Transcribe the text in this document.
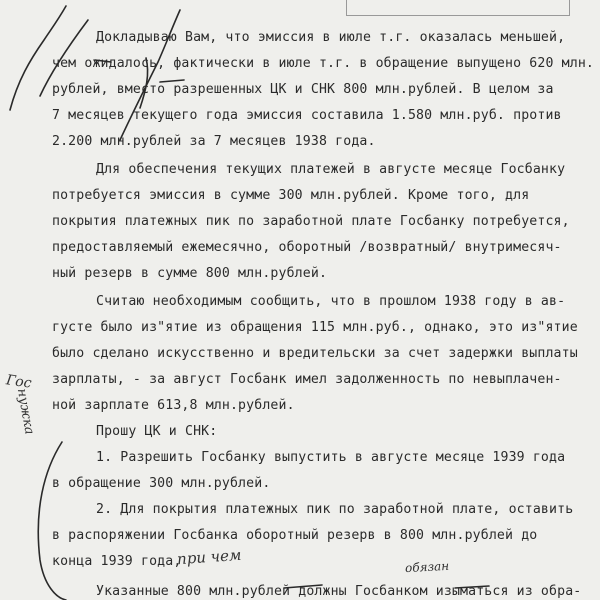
Докладываю Вам, что эмиссия в июле т.г. оказалась меньшей,
чем ожидалось, фактически в июле т.г. в обращение выпущено 620 млн.
рублей, вместо разрешенных ЦК и СНК 800 млн.рублей. В целом за
7 месяцев текущего года эмиссия составила 1.580 млн.руб. против
2.200 млн.рублей за 7 месяцев 1938 года.
Для обеспечения текущих платежей в августе месяце Госбанку
потребуется эмиссия в сумме 300 млн.рублей. Кроме того, для
покрытия платежных пик по заработной плате Госбанку потребуется,
предоставляемый ежемесячно, оборотный /возвратный/ внутримесяч-
ный резерв в сумме 800 млн.рублей.
Считаю необходимым сообщить, что в прошлом 1938 году в ав-
густе было из"ятие из обращения 115 млн.руб., однако, это из"ятие
было сделано искусственно и вредительски за счет задержки выплаты
зарплаты, - за август Госбанк имел задолженность по невыплачен-
ной зарплате 613,8 млн.рублей.
Прошу ЦК и СНК:
1. Разрешить Госбанку выпустить в августе месяце 1939 года
в обращение 300 млн.рублей.
2. Для покрытия платежных пик по заработной плате, оставить
в распоряжении Госбанка оборотный резерв в 800 млн.рублей до
конца 1939 года,
Указанные 800 млн.рублей должны Госбанком изыматься из обра-
при чем	обязан
Гос
нужка
